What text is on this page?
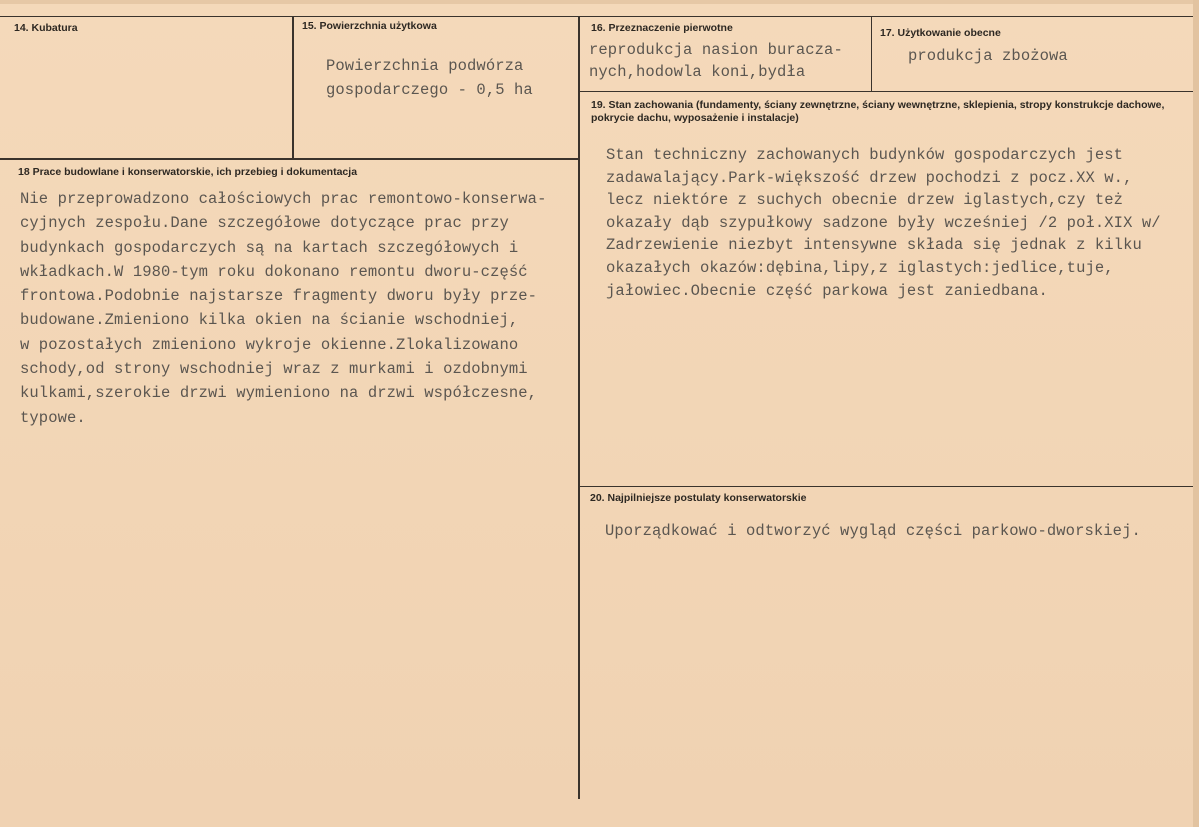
14. Kubatura	15. Powierzchnia użytkowa
Powierzchnia podwórza
gospodarczego - 0,5 ha
16. Przeznaczenie pierwotne
reprodukcja nasion buracza-
nych,hodowla koni,bydła
17. Użytkowanie obecne
produkcja zbożowa
18 Prace budowlane i konserwatorskie, ich przebieg i dokumentacja
Nie przeprowadzono całościowych prac remontowo-konserwa-
cyjnych zespołu.Dane szczegółowe dotyczące prac przy
budynkach gospodarczych są na kartach szczegółowych i
wkładkach.W 1980-tym roku dokonano remontu dworu-część
frontowa.Podobnie najstarsze fragmenty dworu były prze-
budowane.Zmieniono kilka okien na ścianie wschodniej,
w pozostałych zmieniono wykroje okienne.Zlokalizowano
schody,od strony wschodniej wraz z murkami i ozdobnymi
kulkami,szerokie drzwi wymieniono na drzwi współczesne,
typowe.
19. Stan zachowania (fundamenty, ściany zewnętrzne, ściany wewnętrzne, sklepienia, stropy konstrukcje dachowe, pokrycie dachu, wyposażenie i instalacje)
Stan techniczny zachowanych budynków gospodarczych jest
zadawalający.Park-większość drzew pochodzi z pocz.XX w.,
lecz niektóre z suchych obecnie drzew iglastych,czy też
okazały dąb szypułkowy sadzone były wcześniej /2 poł.XIX w/
Zadrzewienie niezbyt intensywne składa się jednak z kilku
okazałych okazów:dębina,lipy,z iglastych:jedlice,tuje,
jałowiec.Obecnie część parkowa jest zaniedbana.
20. Najpilniejsze postulaty konserwatorskie
Uporządkować i odtworzyć wygląd części parkowo-dworskiej.
